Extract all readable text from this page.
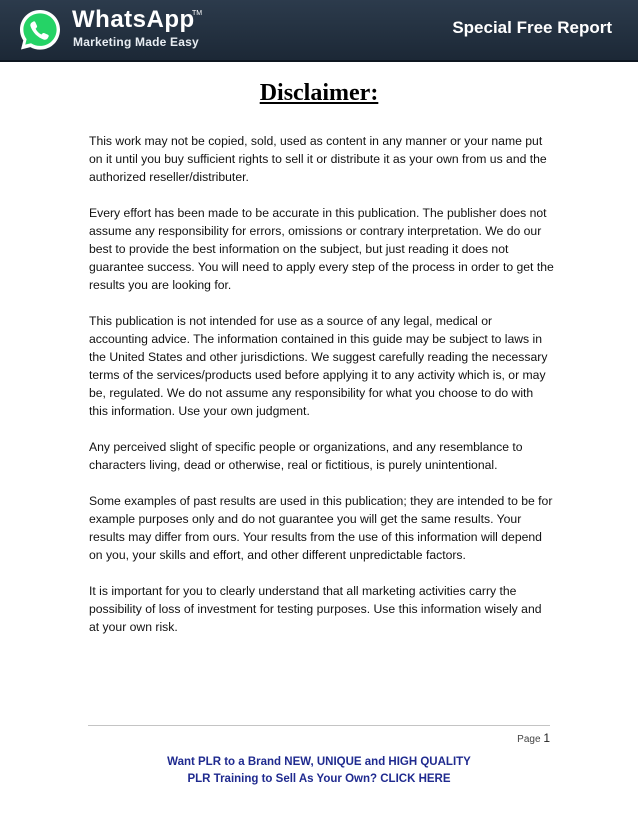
WhatsApp
TM
Marketing Made Easy
Special Free Report
Disclaimer:

This work may not be copied, sold, used as content in any manner or your name put on it until you buy sufficient rights to sell it or distribute it as your own from us and the authorized reseller/distributer.

Every effort has been made to be accurate in this publication. The publisher does not assume any responsibility for errors, omissions or contrary interpretation. We do our best to provide the best information on the subject, but just reading it does not guarantee success. You will need to apply every step of the process in order to get the results you are looking for.

This publication is not intended for use as a source of any legal, medical or accounting advice. The information contained in this guide may be subject to laws in the United States and other jurisdictions. We suggest carefully reading the necessary terms of the services/products used before applying it to any activity which is, or may be, regulated. We do not assume any responsibility for what you choose to do with this information. Use your own judgment.

Any perceived slight of specific people or organizations, and any resemblance to characters living, dead or otherwise, real or fictitious, is purely unintentional.

Some examples of past results are used in this publication; they are intended to be for example purposes only and do not guarantee you will get the same results. Your results may differ from ours. Your results from the use of this information will depend on you, your skills and effort, and other different unpredictable factors.

It is important for you to clearly understand that all marketing activities carry the possibility of loss of investment for testing purposes. Use this information wisely and at your own risk.

Page 1
Want PLR to a Brand NEW, UNIQUE and HIGH QUALITY
PLR Training to Sell As Your Own? CLICK HERE
